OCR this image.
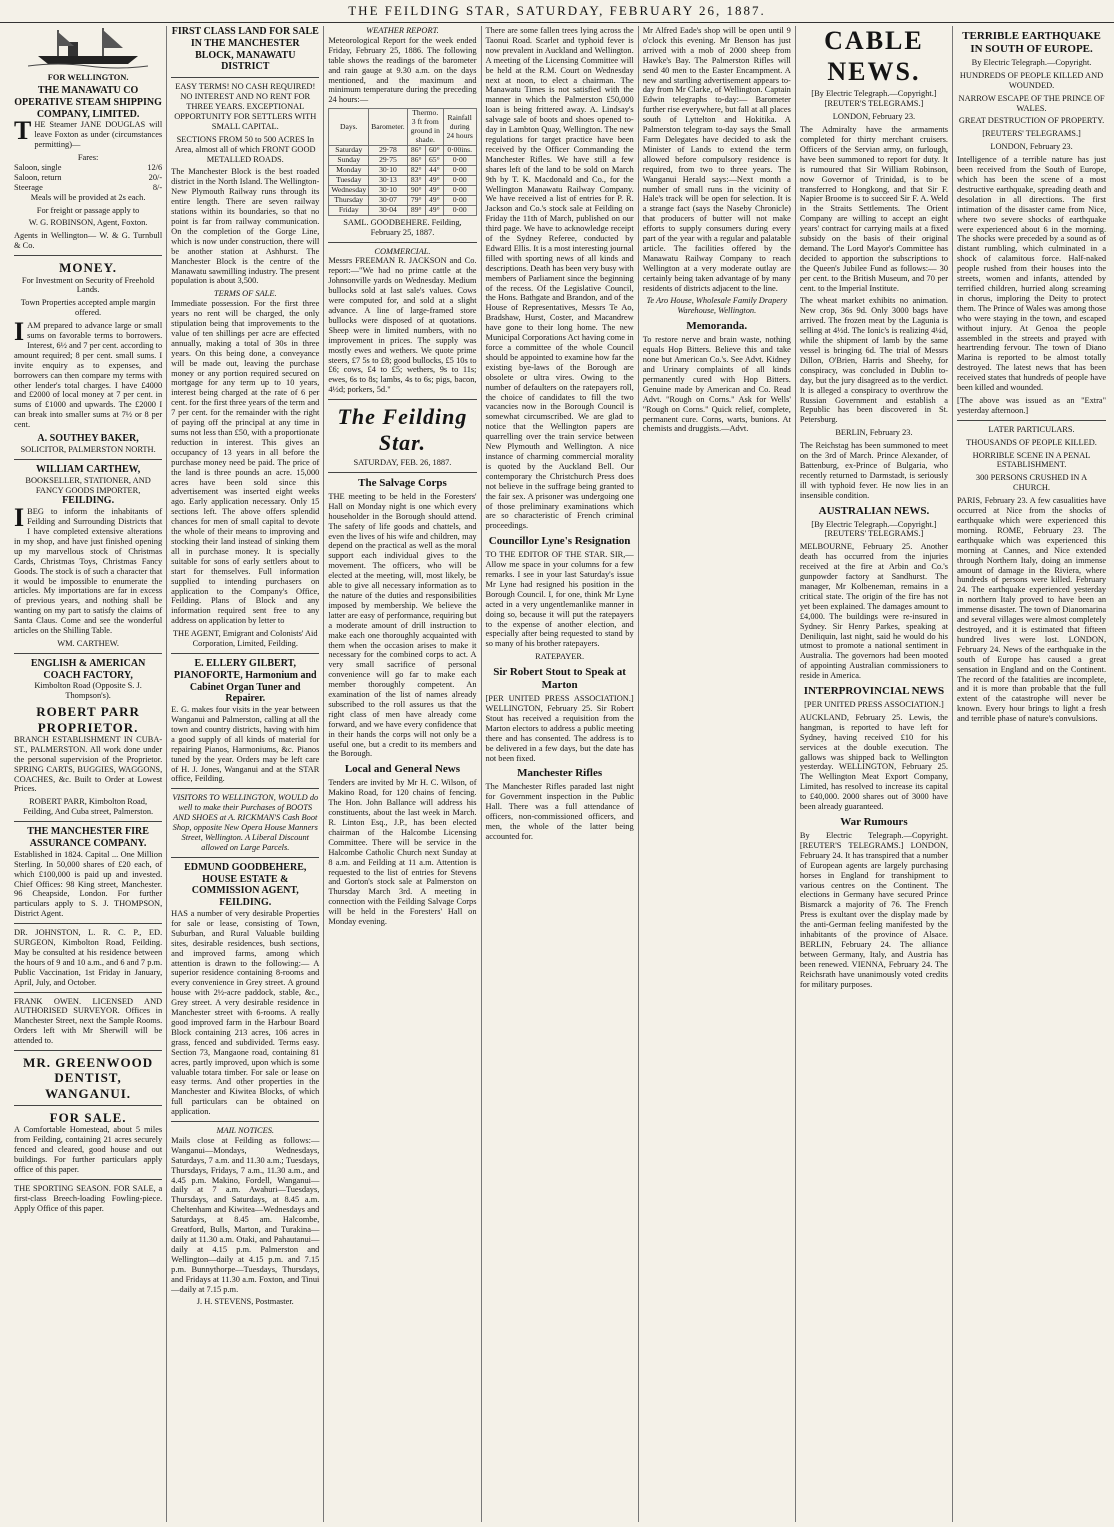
THE FEILDING STAR, SATURDAY, FEBRUARY 26, 1887.
FOR WELLINGTON.
THE MANAWATU CO OPERATIVE STEAM SHIPPING COMPANY, LIMITED.

THE Steamer JANE DOUGLAS will leave Foxton as under (circumstances permitting)—

Fares:
Saloon, single	12/6
Saloon, return	20/-
Steerage	8/-

Meals will be provided at 2s each.

For freight or passage apply to

W. G. ROBINSON, Agent, Foxton.

Agents in Wellington— W. & G. Turnbull & Co.

MONEY.

For Investment on Security of Freehold Lands.

Town Properties accepted ample margin offered.

IAM prepared to advance large or small sums on favorable terms to borrowers. Interest, 6½ and 7 per cent. according to amount required; 8 per cent. small sums. I invite enquiry as to expenses, and borrowers can then compare my terms with other lender's total charges. I have £4000 and £2000 of local money at 7 per cent. in sums of £1000 and upwards. The £2000 I can break into smaller sums at 7½ or 8 per cent.

A. SOUTHEY BAKER,
SOLICITOR, PALMERSTON NORTH.
WILLIAM CARTHEW,
BOOKSELLER, STATIONER, AND FANCY GOODS IMPORTER,
FEILDING.

IBEG to inform the inhabitants of Feilding and Surrounding Districts that I have completed extensive alterations in my shop, and have just finished opening up my marvellous stock of Christmas Cards, Christmas Toys, Christmas Fancy Goods. The stock is of such a character that it would be impossible to enumerate the articles. My importations are far in excess of previous years, and nothing shall be wanting on my part to satisfy the claims of Santa Claus. Come and see the wonderful articles on the Shilling Table.

WM. CARTHEW.

ENGLISH & AMERICAN COACH FACTORY,

Kimbolton Road (Opposite S. J. Thompson's).

ROBERT PARR PROPRIETOR.

BRANCH ESTABLISHMENT IN CUBA-ST., PALMERSTON. All work done under the personal supervision of the Proprietor. SPRING CARTS, BUGGIES, WAGGONS, COACHES, &c. Built to Order at Lowest Prices.

ROBERT PARR, Kimbolton Road, Feilding, And Cuba street, Palmerston.

THE MANCHESTER FIRE ASSURANCE COMPANY.

Established in 1824. Capital ... One Million Sterling. In 50,000 shares of £20 each, of which £100,000 is paid up and invested. Chief Offices: 98 King street, Manchester. 96 Cheapside, London. For further particulars apply to S. J. THOMPSON, District Agent.

DR. JOHNSTON, L. R. C. P., ED. SURGEON, Kimbolton Road, Feilding. May be consulted at his residence between the hours of 9 and 10 a.m., and 6 and 7 p.m. Public Vaccination, 1st Friday in January, April, July, and October.

FRANK OWEN. LICENSED AND AUTHORISED SURVEYOR. Offices in Manchester Street, next the Sample Rooms. Orders left with Mr Sherwill will be attended to.

MR. GREENWOOD DENTIST, WANGANUI.
FOR SALE.

A Comfortable Homestead, about 5 miles from Feilding, containing 21 acres securely fenced and cleared, good house and out buildings. For further particulars apply office of this paper.

THE SPORTING SEASON. FOR SALE, a first-class Breech-loading Fowling-piece. Apply Office of this paper.

FIRST CLASS LAND FOR SALE IN THE MANCHESTER BLOCK, MANAWATU DISTRICT

EASY TERMS! NO CASH REQUIRED! NO INTEREST AND NO RENT FOR THREE YEARS. EXCEPTIONAL OPPORTUNITY FOR SETTLERS WITH SMALL CAPITAL.

SECTIONS FROM 50 to 500 ACRES In Area, almost all of which FRONT GOOD METALLED ROADS.

The Manchester Block is the best roaded district in the North Island. The Wellington-New Plymouth Railway runs through its entire length. There are seven railway stations within its boundaries, so that no point is far from railway communication. On the completion of the Gorge Line, which is now under construction, there will be another station at Ashhurst. The Manchester Block is the centre of the Manawatu sawmilling industry. The present population is about 3,500.

TERMS OF SALE.

Immediate possession. For the first three years no rent will be charged, the only stipulation being that improvements to the value of ten shillings per acre are effected annually, making a total of 30s in three years. On this being done, a conveyance will be made out, leaving the purchase money or any portion required secured on mortgage for any term up to 10 years, interest being charged at the rate of 6 per cent. for the first three years of the term and 7 per cent. for the remainder with the right of paying off the principal at any time in sums not less than £50, with a proportionate reduction in interest. This gives an occupancy of 13 years in all before the purchase money need be paid. The price of the land is three pounds an acre. 15,000 acres have been sold since this advertisement was inserted eight weeks ago. Early application necessary. Only 15 sections left. The above offers splendid chances for men of small capital to devote the whole of their means to improving and stocking their land instead of sinking them all in purchase money. It is specially suitable for sons of early settlers about to start for themselves. Full information supplied to intending purchasers on application to the Company's Office, Feilding. Plans of Block and any information required sent free to any address on application by letter to

THE AGENT, Emigrant and Colonists' Aid Corporation, Limited, Feilding.

E. ELLERY GILBERT, PIANOFORTE, Harmonium and Cabinet Organ Tuner and Repairer.

E. G. makes four visits in the year between Wanganui and Palmerston, calling at all the town and country districts, having with him a good supply of all kinds of material for repairing Pianos, Harmoniums, &c. Pianos tuned by the year. Orders may be left care of H. J. Jones, Wanganui and at the STAR office, Feilding.

VISITORS TO WELLINGTON, WOULD do well to make their Purchases of BOOTS AND SHOES at A. RICKMAN'S Cash Boot Shop, opposite New Opera House Manners Street, Wellington. A Liberal Discount allowed on Large Parcels.

EDMUND GOODBEHERE, HOUSE ESTATE & COMMISSION AGENT, FEILDING.

HAS a number of very desirable Properties for sale or lease, consisting of Town, Suburban, and Rural Valuable building sites, desirable residences, bush sections, and improved farms, among which attention is drawn to the following:— A superior residence containing 8-rooms and every convenience in Grey street. A ground house with 2½-acre paddock, stable, &c., Grey street. A very desirable residence in Manchester street with 6-rooms. A really good improved farm in the Harbour Board Block containing 213 acres, 106 acres in grass, fenced and subdivided. Terms easy. Section 73, Mangaone road, containing 81 acres, partly improved, upon which is some valuable totara timber. For sale or lease on easy terms. And other properties in the Manchester and Kiwitea Blocks, of which full particulars can be obtained on application.

MAIL NOTICES.

Mails close at Feilding as follows:— Wanganui—Mondays, Wednesdays, Saturdays, 7 a.m. and 11.30 a.m.; Tuesdays, Thursdays, Fridays, 7 a.m., 11.30 a.m., and 4.45 p.m. Makino, Fordell, Wanganui—daily at 7 a.m. Awahuri—Tuesdays, Thursdays, and Saturdays, at 8.45 a.m. Cheltenham and Kiwitea—Wednesdays and Saturdays, at 8.45 am. Halcombe, Greatford, Bulls, Marton, and Turakina—daily at 11.30 a.m. Otaki, and Pahautanui—daily at 4.15 p.m. Palmerston and Wellington—daily at 4.15 p.m. and 7.15 p.m. Bunnythorpe—Tuesdays, Thursdays, and Fridays at 11.30 a.m. Foxton, and Tinui—daily at 7.15 p.m.

J. H. STEVENS, Postmaster.

WEATHER REPORT.

Meteorological Report for the week ended Friday, February 25, 1886. The following table shows the readings of the barometer and rain gauge at 9.30 a.m. on the days mentioned, and the maximum and minimum temperature during the preceding 24 hours:—

Days.	Barometer.	Thermo. 3 ft from ground in shade.		Rainfall during 24 hours
Saturday	29·78	86°	60°	0·00ins.
Sunday	29·75	86°	65°	0·00
Monday	30·10	82°	44°	0·00
Tuesday	30·13	83°	49°	0·00
Wednesday	30·10	90°	49°	0·00
Thursday	30·07	79°	49°	0·00
Friday	30·04	89°	49°	0·00

SAML. GOODBEHERE. Feilding, February 25, 1887.

COMMERCIAL.

Messrs FREEMAN R. JACKSON and Co. report:—"We had no prime cattle at the Johnsonville yards on Wednesday. Medium bullocks sold at last sale's values. Cows were computed for, and sold at a slight advance. A line of large-framed store bullocks were disposed of at quotations. Sheep were in limited numbers, with no improvement in prices. The supply was mostly ewes and wethers. We quote prime steers, £7 5s to £8; good bullocks, £5 10s to £6; cows, £4 to £5; wethers, 9s to 11s; ewes, 6s to 8s; lambs, 4s to 6s; pigs, bacon, 4½d; porkers, 5d."

The Feilding Star.
SATURDAY, FEB. 26, 1887.
The Salvage Corps

THE meeting to be held in the Foresters' Hall on Monday night is one which every householder in the Borough should attend. The safety of life goods and chattels, and even the lives of his wife and children, may depend on the practical as well as the moral support each individual gives to the movement. The officers, who will be elected at the meeting, will, most likely, be able to give all necessary information as to the nature of the duties and responsibilities imposed by membership. We believe the latter are easy of performance, requiring but a moderate amount of drill instruction to make each one thoroughly acquainted with them when the occasion arises to make it necessary for the combined corps to act. A very small sacrifice of personal convenience will go far to make each member thoroughly competent. An examination of the list of names already subscribed to the roll assures us that the right class of men have already come forward, and we have every confidence that in their hands the corps will not only be a useful one, but a credit to its members and the Borough.

Local and General News

Tenders are invited by Mr H. C. Wilson, of Makino Road, for 120 chains of fencing. The Hon. John Ballance will address his constituents, about the last week in March. R. Linton Esq., J.P., has been elected chairman of the Halcombe Licensing Committee. There will be service in the Halcombe Catholic Church next Sunday at 8 a.m. and Feilding at 11 a.m. Attention is requested to the list of entries for Stevens and Gorton's stock sale at Palmerston on Thursday March 3rd. A meeting in connection with the Feilding Salvage Corps will be held in the Foresters' Hall on Monday evening.

There are some fallen trees lying across the Taonui Road. Scarlet and typhoid fever is now prevalent in Auckland and Wellington. A meeting of the Licensing Committee will be held at the R.M. Court on Wednesday next at noon, to elect a chairman. The Manawatu Times is not satisfied with the manner in which the Palmerston £50,000 loan is being frittered away. A. Lindsay's salvage sale of boots and shoes opened to-day in Lambton Quay, Wellington. The new regulations for target practice have been received by the Officer Commanding the Manchester Rifles. We have still a few shares left of the land to be sold on March 9th by T. K. Macdonald and Co., for the Wellington Manawatu Railway Company. We have received a list of entries for P. R. Jackson and Co.'s stock sale at Feilding on Friday the 11th of March, published on our third page. We have to acknowledge receipt of the Sydney Referee, conducted by Edward Ellis. It is a most interesting journal filled with sporting news of all kinds and descriptions. Death has been very busy with members of Parliament since the beginning of the recess. Of the Legislative Council, the Hons. Bathgate and Brandon, and of the House of Representatives, Messrs Te Ao, Bradshaw, Hurst, Coster, and Macandrew have gone to their long home. The new Municipal Corporations Act having come in force a committee of the whole Council should be appointed to examine how far the existing bye-laws of the Borough are obsolete or ultra vires. Owing to the number of defaulters on the ratepayers roll, the choice of candidates to fill the two vacancies now in the Borough Council is somewhat circumscribed. We are glad to notice that the Wellington papers are quarrelling over the train service between New Plymouth and Wellington. A nice instance of charming commercial morality is quoted by the Auckland Bell. Our contemporary the Christchurch Press does not believe in the suffrage being granted to the fair sex. A prisoner was undergoing one of those preliminary examinations which are so characteristic of French criminal proceedings.

Councillor Lyne's Resignation

TO THE EDITOR OF THE STAR. SIR,—Allow me space in your columns for a few remarks. I see in your last Saturday's issue Mr Lyne had resigned his position in the Borough Council. I, for one, think Mr Lyne acted in a very ungentlemanlike manner in doing so, because it will put the ratepayers to the expense of another election, and especially after being requested to stand by so many of his brother ratepayers.

RATEPAYER.

Sir Robert Stout to Speak at Marton

[PER UNITED PRESS ASSOCIATION.] WELLINGTON, February 25. Sir Robert Stout has received a requisition from the Marton electors to address a public meeting there and has consented. The address is to be delivered in a few days, but the date has not been fixed.

Manchester Rifles

The Manchester Rifles paraded last night for Government inspection in the Public Hall. There was a full attendance of officers, non-commissioned officers, and men, the whole of the latter being accounted for.

Mr Alfred Eade's shop will be open until 9 o'clock this evening. Mr Benson has just arrived with a mob of 2000 sheep from Hawke's Bay. The Palmerston Rifles will send 40 men to the Easter Encampment. A new and startling advertisement appears to-day from Mr Clarke, of Wellington. Captain Edwin telegraphs to-day:— Barometer further rise everywhere, but fall at all places south of Lyttelton and Hokitika. A Palmerston telegram to-day says the Small Farm Delegates have decided to ask the Minister of Lands to extend the term allowed before compulsory residence is required, from two to three years. The Wanganui Herald says:—Next month a number of small runs in the vicinity of Hale's track will be open for selection. It is a strange fact (says the Naseby Chronicle) that producers of butter will not make efforts to supply consumers during every part of the year with a regular and palatable article. The facilities offered by the Manawatu Railway Company to reach Wellington at a very moderate outlay are certainly being taken advantage of by many residents of districts adjacent to the line.

Te Aro House, Wholesale Family Drapery Warehouse, Wellington.

Memoranda.

To restore nerve and brain waste, nothing equals Hop Bitters. Believe this and take none but American Co.'s. See Advt. Kidney and Urinary complaints of all kinds permanently cured with Hop Bitters. Genuine made by American and Co. Read Advt. "Rough on Corns." Ask for Wells' "Rough on Corns." Quick relief, complete, permanent cure. Corns, warts, bunions. At chemists and druggists.—Advt.

CABLE NEWS.

[By Electric Telegraph.—Copyright.] [REUTER'S TELEGRAMS.]

LONDON, February 23.

The Admiralty have the armaments completed for thirty merchant cruisers. Officers of the Servian army, on furlough, have been summoned to report for duty. It is rumoured that Sir William Robinson, now Governor of Trinidad, is to be transferred to Hongkong, and that Sir F. Napier Broome is to succeed Sir F. A. Weld in the Straits Settlements. The Orient Company are willing to accept an eight years' contract for carrying mails at a fixed subsidy on the basis of their original demand. The Lord Mayor's Committee has decided to apportion the subscriptions to the Queen's Jubilee Fund as follows:— 30 per cent. to the British Museum, and 70 per cent. to the Imperial Institute.

The wheat market exhibits no animation. New crop, 36s 9d. Only 3000 bags have arrived. The frozen meat by the Lagunia is selling at 4½d. The Ionic's is realizing 4¼d, while the shipment of lamb by the same vessel is bringing 6d. The trial of Messrs Dillon, O'Brien, Harris and Sheehy, for conspiracy, was concluded in Dublin to-day, but the jury disagreed as to the verdict. It is alleged a conspiracy to overthrow the Russian Government and establish a Republic has been discovered in St. Petersburg.

BERLIN, February 23.

The Reichstag has been summoned to meet on the 3rd of March. Prince Alexander, of Battenburg, ex-Prince of Bulgaria, who recently returned to Darmstadt, is seriously ill with typhoid fever. He now lies in an insensible condition.

AUSTRALIAN NEWS.

[By Electric Telegraph.—Copyright.] [REUTERS' TELEGRAMS.]

MELBOURNE, February 25. Another death has occurred from the injuries received at the fire at Arbin and Co.'s gunpowder factory at Sandhurst. The manager, Mr Kolbeneman, remains in a critical state. The origin of the fire has not yet been explained. The damages amount to £4,000. The buildings were re-insured in Sydney. Sir Henry Parkes, speaking at Deniliquin, last night, said he would do his utmost to promote a national sentiment in Australia. The governors had been mooted of appointing Australian commissioners to reside in America.

INTERPROVINCIAL NEWS

[PER UNITED PRESS ASSOCIATION.]

AUCKLAND, February 25. Lewis, the hangman, is reported to have left for Sydney, having received £10 for his services at the double execution. The gallows was shipped back to Wellington yesterday. WELLINGTON, February 25. The Wellington Meat Export Company, Limited, has resolved to increase its capital to £40,000. 2000 shares out of 3000 have been already guaranteed.

War Rumours

By Electric Telegraph.—Copyright. [REUTER'S TELEGRAMS.] LONDON, February 24. It has transpired that a number of European agents are largely purchasing horses in England for transhipment to various centres on the Continent. The elections in Germany have secured Prince Bismarck a majority of 76. The French Press is exultant over the display made by the anti-German feeling manifested by the inhabitants of the province of Alsace. BERLIN, February 24. The alliance between Germany, Italy, and Austria has been renewed. VIENNA, February 24. The Reichsrath have unanimously voted credits for military purposes.

TERRIBLE EARTHQUAKE IN SOUTH OF EUROPE.

By Electric Telegraph.—Copyright.

HUNDREDS OF PEOPLE KILLED AND WOUNDED.

NARROW ESCAPE OF THE PRINCE OF WALES.

GREAT DESTRUCTION OF PROPERTY.

[REUTERS' TELEGRAMS.]

LONDON, February 23.

Intelligence of a terrible nature has just been received from the South of Europe, which has been the scene of a most destructive earthquake, spreading death and desolation in all directions. The first intimation of the disaster came from Nice, where two severe shocks of earthquake were experienced about 6 in the morning. The shocks were preceded by a sound as of distant rumbling, which culminated in a shock of calamitous force. Half-naked people rushed from their houses into the streets, women and infants, attended by terrified children, hurried along screaming in chorus, imploring the Deity to protect them. The Prince of Wales was among those who were staying in the town, and escaped without injury. At Genoa the people assembled in the streets and prayed with heartrending fervour. The town of Diano Marina is reported to be almost totally destroyed. The latest news that has been received states that hundreds of people have been killed and wounded.

[The above was issued as an "Extra" yesterday afternoon.]

LATER PARTICULARS.

THOUSANDS OF PEOPLE KILLED.

HORRIBLE SCENE IN A PENAL ESTABLISHMENT.

300 PERSONS CRUSHED IN A CHURCH.

PARIS, February 23. A few casualities have occurred at Nice from the shocks of earthquake which were experienced this morning. ROME, February 23. The earthquake which was experienced this morning at Cannes, and Nice extended through Northern Italy, doing an immense amount of damage in the Riviera, where hundreds of persons were killed. February 24. The earthquake experienced yesterday in northern Italy proved to have been an immense disaster. The town of Dianomarina and several villages were almost completely destroyed, and it is estimated that fifteen hundred lives were lost. LONDON, February 24. News of the earthquake in the south of Europe has caused a great sensation in England and on the Continent. The record of the fatalities are incomplete, and it is more than probable that the full extent of the catastrophe will never be known. Every hour brings to light a fresh and terrible phase of nature's convulsions.
